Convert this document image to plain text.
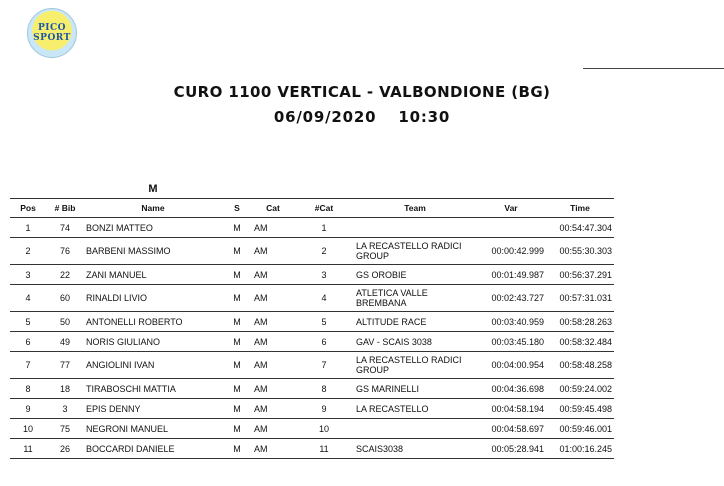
PICO
SPORT
CURO 1100 VERTICAL - VALBONDIONE (BG)
06/09/2020 10:30
		M						
Pos	# Bib	Name	S	Cat	#Cat	Team	Var	Time
1	74	BONZI MATTEO	M	AM	1			00:54:47.304
2	76	BARBENI MASSIMO	M	AM	2	LA RECASTELLO RADICI GROUP	00:00:42.999	00:55:30.303
3	22	ZANI MANUEL	M	AM	3	GS OROBIE	00:01:49.987	00:56:37.291
4	60	RINALDI LIVIO	M	AM	4	ATLETICA VALLE BREMBANA	00:02:43.727	00:57:31.031
5	50	ANTONELLI ROBERTO	M	AM	5	ALTITUDE RACE	00:03:40.959	00:58:28.263
6	49	NORIS GIULIANO	M	AM	6	GAV - SCAIS 3038	00:03:45.180	00:58:32.484
7	77	ANGIOLINI IVAN	M	AM	7	LA RECASTELLO RADICI GROUP	00:04:00.954	00:58:48.258
8	18	TIRABOSCHI MATTIA	M	AM	8	GS MARINELLI	00:04:36.698	00:59:24.002
9	3	EPIS DENNY	M	AM	9	LA RECASTELLO	00:04:58.194	00:59:45.498
10	75	NEGRONI MANUEL	M	AM	10		00:04:58.697	00:59:46.001
11	26	BOCCARDI DANIELE	M	AM	11	SCAIS3038	00:05:28.941	01:00:16.245
